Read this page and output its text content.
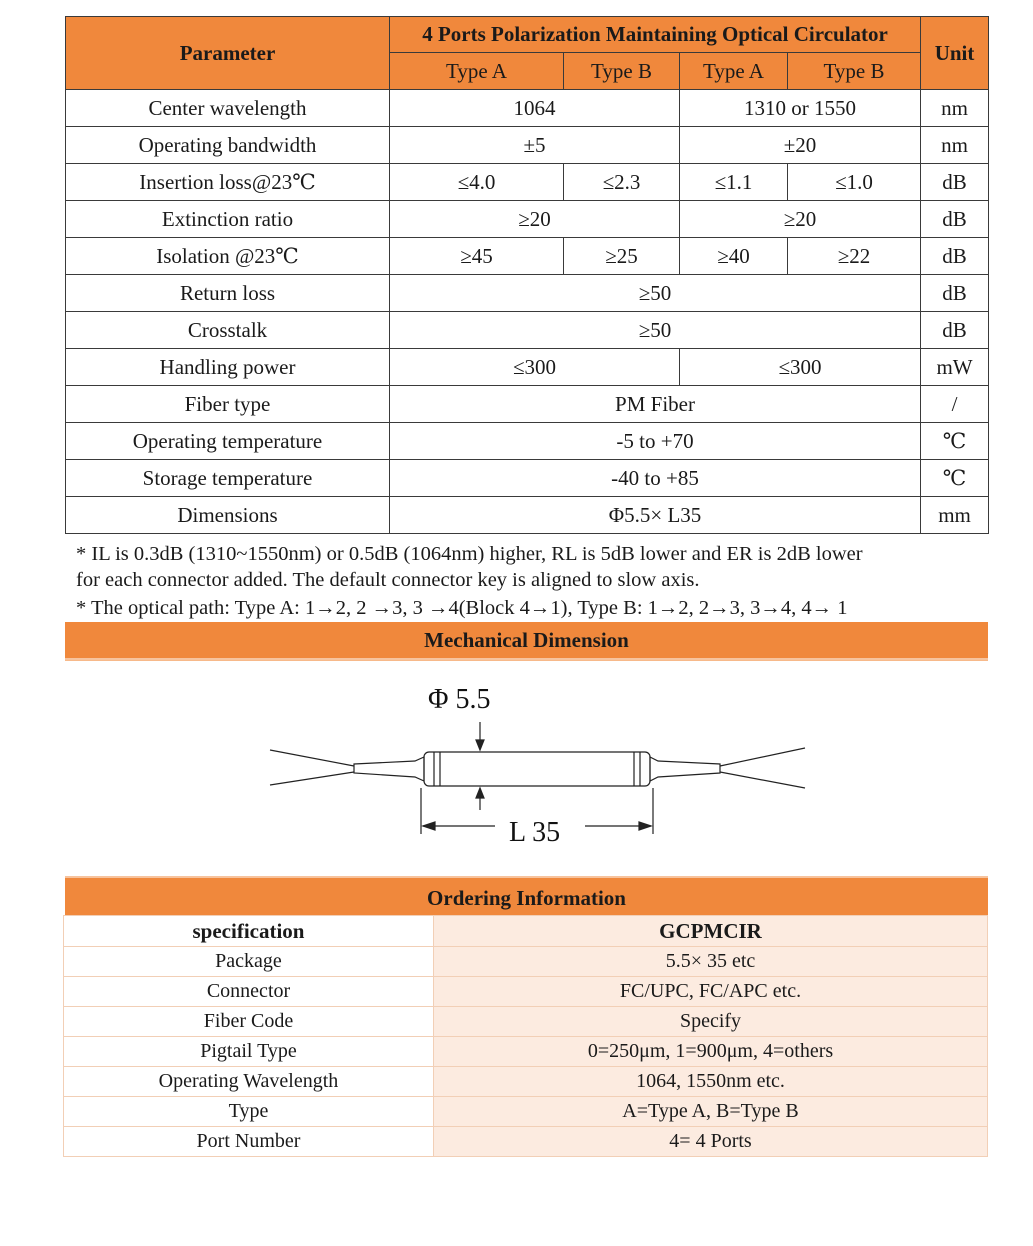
Parameter	4 Ports Polarization Maintaining Optical Circulator				Unit
	Type A	Type B	Type A	Type B	
Center wavelength	1064		1310 or 1550		nm
Operating bandwidth	±5		±20		nm
Insertion loss@23℃	≤4.0	≤2.3	≤1.1	≤1.0	dB
Extinction ratio	≥20		≥20		dB
Isolation @23℃	≥45	≥25	≥40	≥22	dB
Return loss	≥50				dB
Crosstalk	≥50				dB
Handling power	≤300		≤300		mW
Fiber type	PM Fiber				/
Operating temperature	-5 to +70				℃
Storage temperature	-40 to +85				℃
Dimensions	Φ5.5× L35				mm
* IL is 0.3dB (1310~1550nm) or 0.5dB (1064nm) higher, RL is 5dB lower and ER is 2dB lower
for each connector added. The default connector key is aligned to slow axis.
* The optical path: Type A: 1→2, 2 →3, 3 →4(Block 4→1), Type B: 1→2, 2→3, 3→4, 4→ 1
Mechanical Dimension
Φ 5.5
L 35
Ordering Information
specification	GCPMCIR
Package	5.5× 35 etc
Connector	FC/UPC, FC/APC etc.
Fiber Code	Specify
Pigtail Type	0=250μm, 1=900μm, 4=others
Operating Wavelength	1064, 1550nm etc.
Type	A=Type A, B=Type B
Port Number	4= 4 Ports
